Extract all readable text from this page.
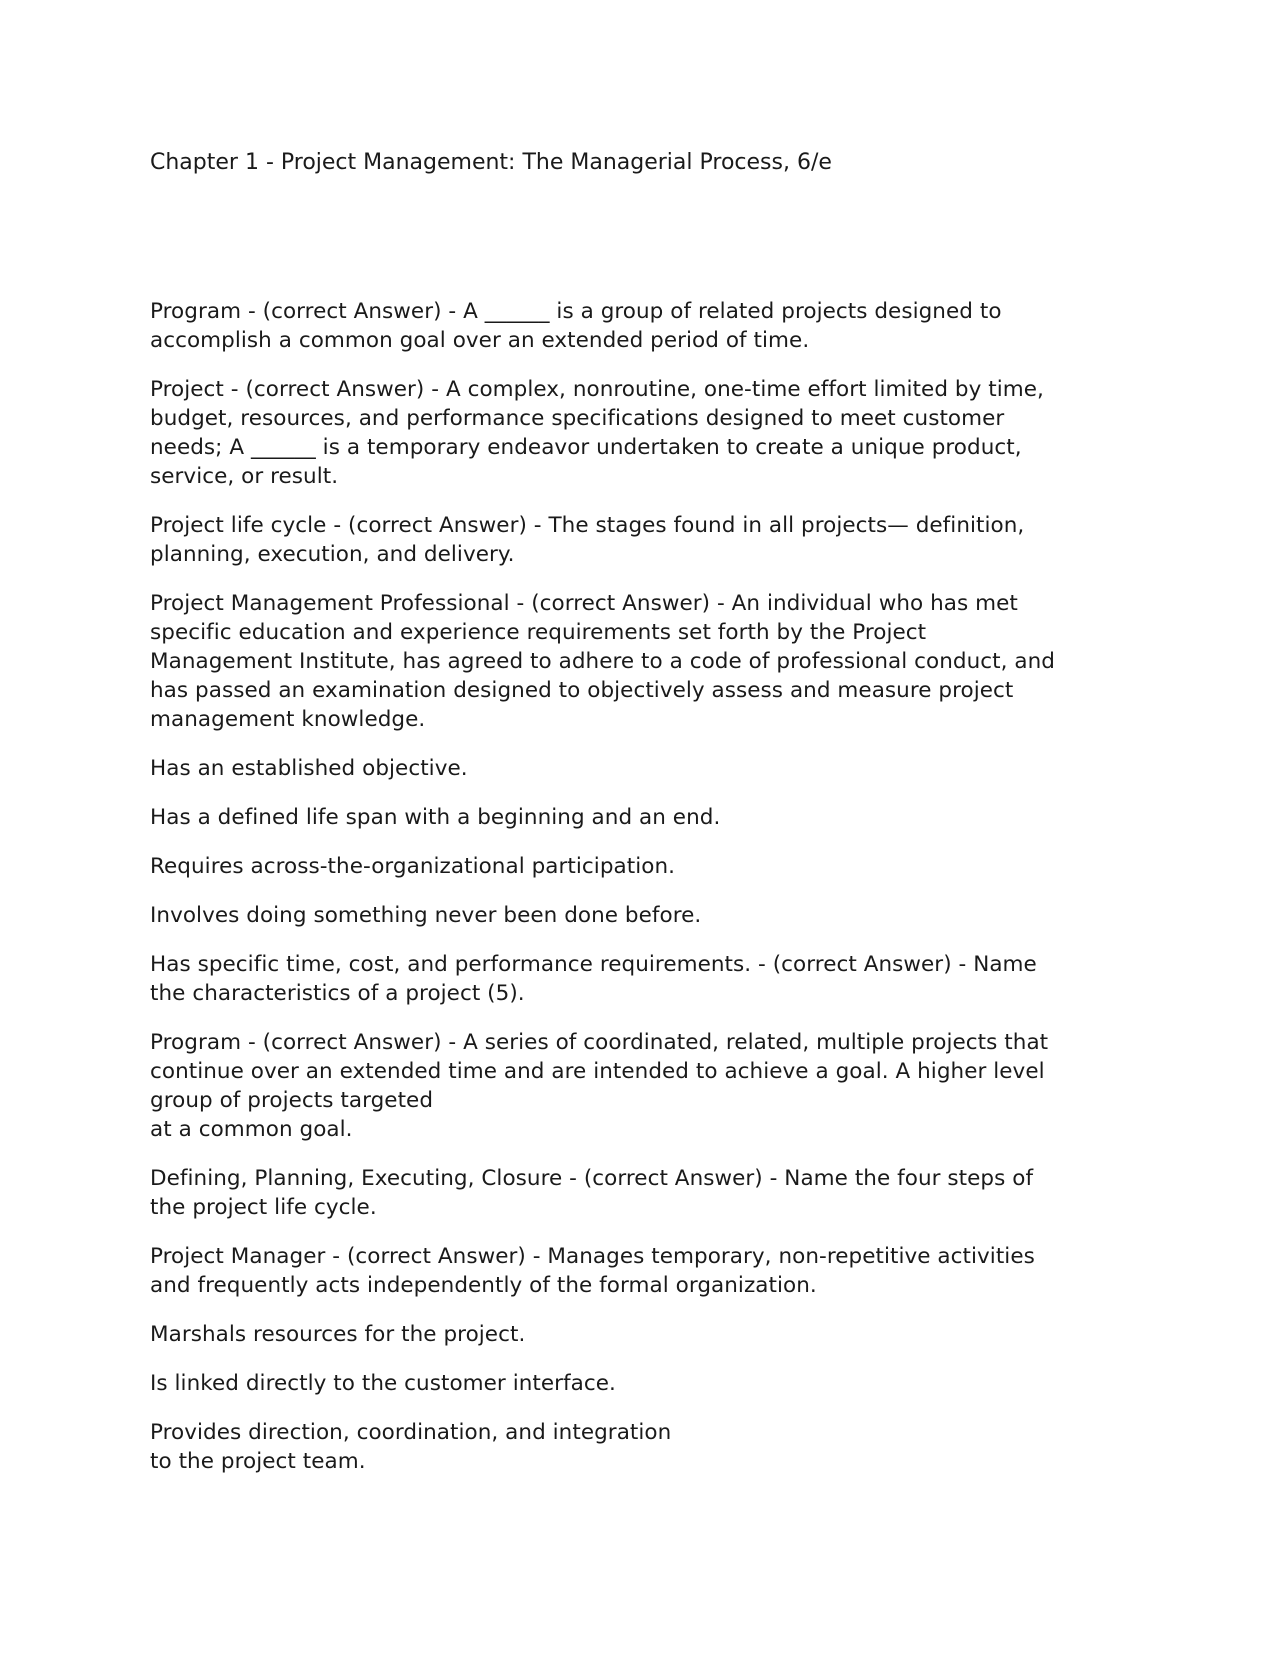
Chapter 1 - Project Management: The Managerial Process, 6/e

Program - (correct Answer) - A ______ is a group of related projects designed to
accomplish a common goal over an extended period of time.

Project - (correct Answer) - A complex, nonroutine, one-time effort limited by time,
budget, resources, and performance specifications designed to meet customer
needs; A ______ is a temporary endeavor undertaken to create a unique product,
service, or result.

Project life cycle - (correct Answer) - The stages found in all projects— definition,
planning, execution, and delivery.

Project Management Professional - (correct Answer) - An individual who has met
specific education and experience requirements set forth by the Project
Management Institute, has agreed to adhere to a code of professional conduct, and
has passed an examination designed to objectively assess and measure project
management knowledge.

Has an established objective.

Has a defined life span with a beginning and an end.

Requires across-the-organizational participation.

Involves doing something never been done before.

Has specific time, cost, and performance requirements. - (correct Answer) - Name
the characteristics of a project (5).

Program - (correct Answer) - A series of coordinated, related, multiple projects that
continue over an extended time and are intended to achieve a goal. A higher level
group of projects targeted
at a common goal.

Defining, Planning, Executing, Closure - (correct Answer) - Name the four steps of
the project life cycle.

Project Manager - (correct Answer) - Manages temporary, non-repetitive activities
and frequently acts independently of the formal organization.

Marshals resources for the project.

Is linked directly to the customer interface.

Provides direction, coordination, and integration
to the project team.
